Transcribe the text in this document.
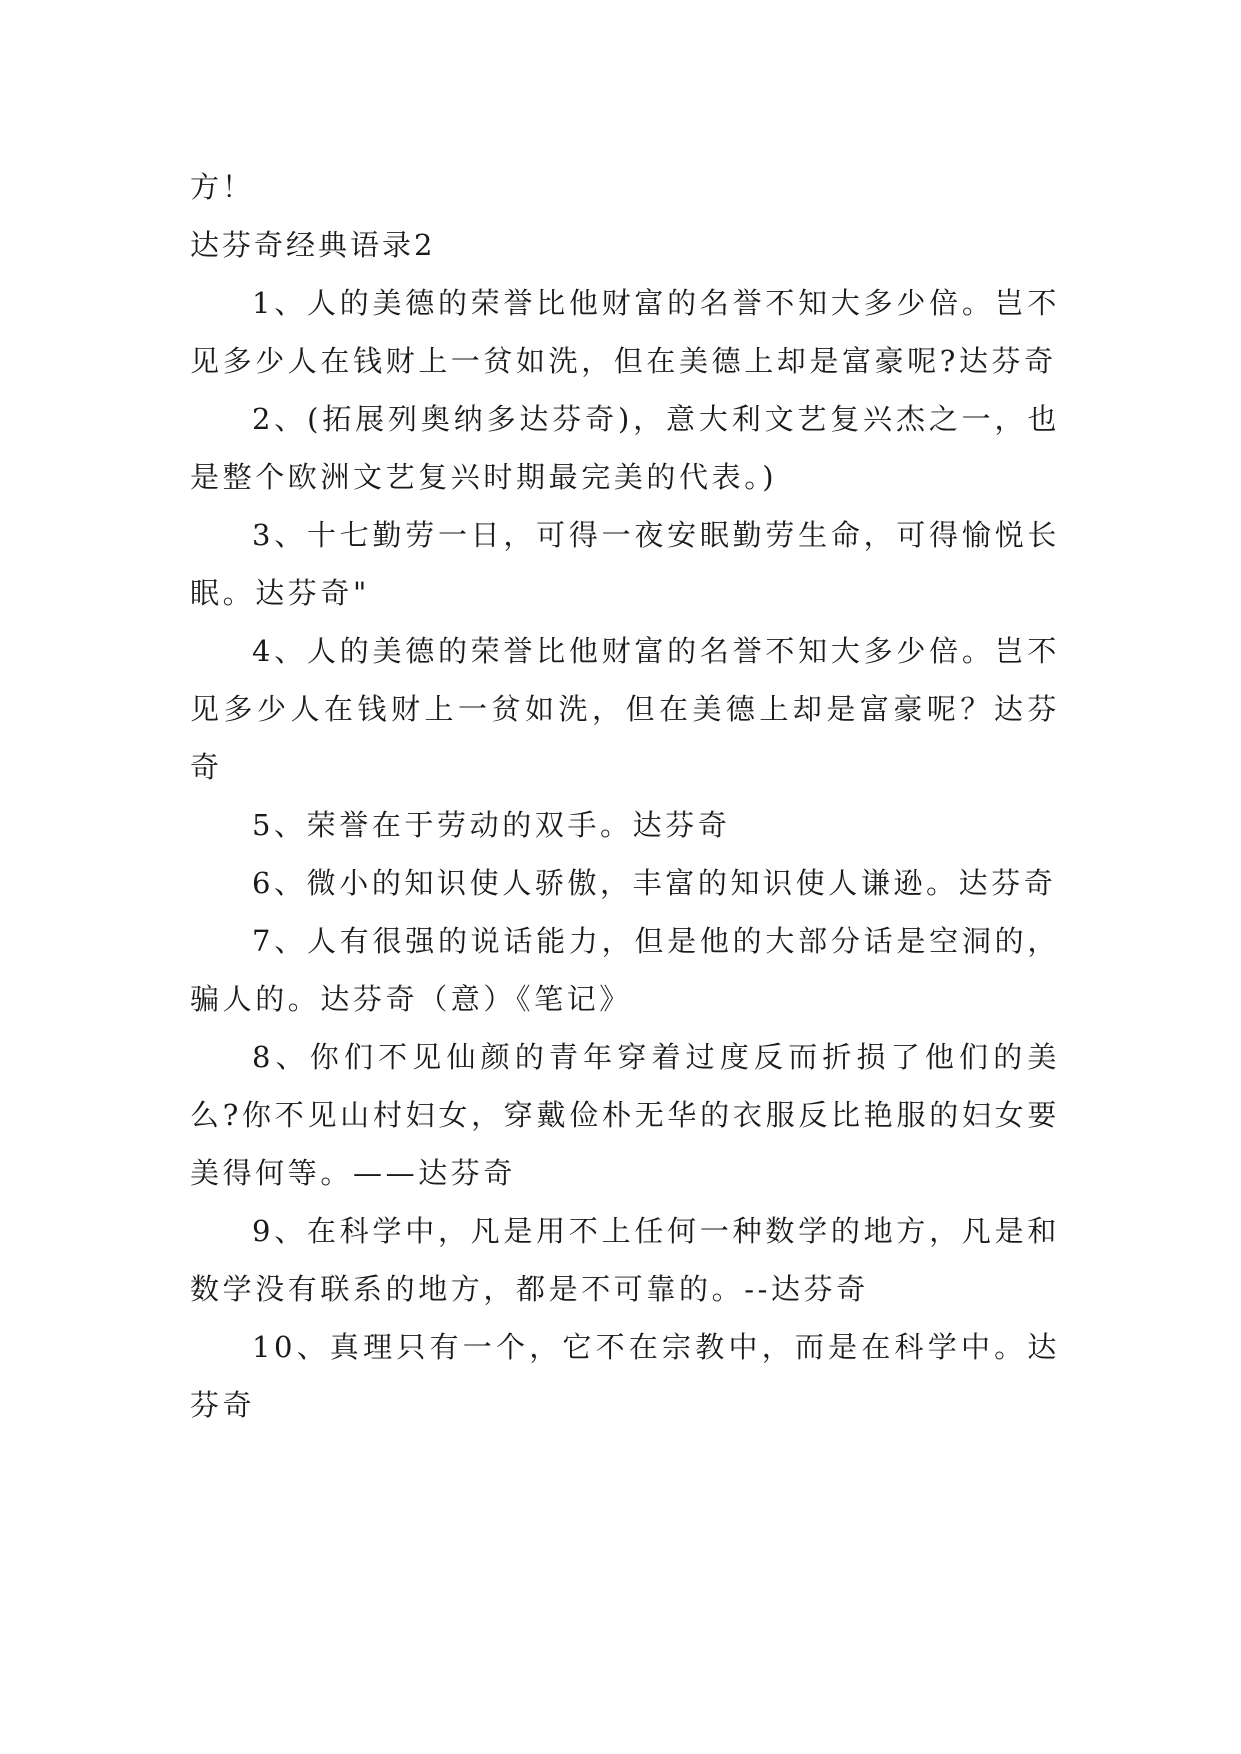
方！

达芬奇经典语录2

1、人的美德的荣誉比他财富的名誉不知大多少倍。岂不见多少人在钱财上一贫如洗，但在美德上却是富豪呢?达芬奇

2、(拓展列奥纳多达芬奇)，意大利文艺复兴杰之一，也是整个欧洲文艺复兴时期最完美的代表。)

3、十七勤劳一日，可得一夜安眠勤劳生命，可得愉悦长眠。达芬奇"

4、人的美德的荣誉比他财富的名誉不知大多少倍。岂不见多少人在钱财上一贫如洗，但在美德上却是富豪呢？达芬奇

5、荣誉在于劳动的双手。达芬奇

6、微小的知识使人骄傲，丰富的知识使人谦逊。达芬奇

7、人有很强的说话能力，但是他的大部分话是空洞的，骗人的。达芬奇（意）《笔记》

8、你们不见仙颜的青年穿着过度反而折损了他们的美么?你不见山村妇女，穿戴俭朴无华的衣服反比艳服的妇女要美得何等。——达芬奇

9、在科学中，凡是用不上任何一种数学的地方，凡是和数学没有联系的地方，都是不可靠的。--达芬奇

10、真理只有一个，它不在宗教中，而是在科学中。达芬奇
